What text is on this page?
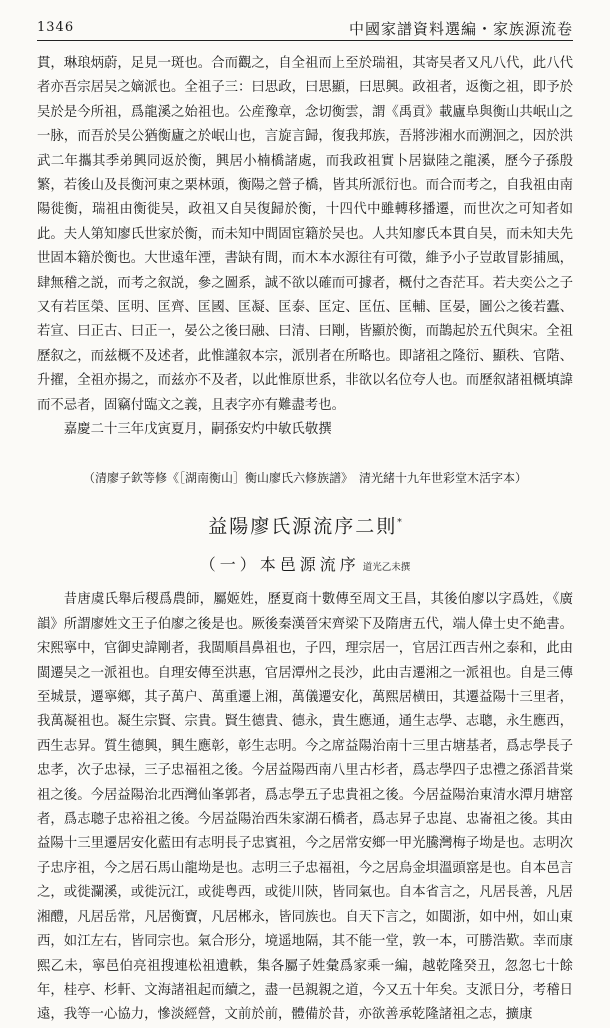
1346	中國家譜資料選編・家族源流卷

貫，琳琅炳蔚，足見一斑也。合而觀之，自全祖而上至於瑞祖，其寄吴者又凡八代，此八代者亦吾宗居吴之嫡派也。全祖子三：曰思政，曰思顯，曰思興。政祖者，返衡之祖，即予於吴於是今所祖，爲龍溪之始祖也。公産豫章，念切衡雲，謂《禹貢》載廬阜與衡山共岷山之一脉，而吾於吴公猶衡廬之於岷山也，言旋言歸，復我邦族，吾將涉湘水而溯洄之，因於洪武二年攜其季弟興同返於衡，興居小楠橋諸處，而我政祖實卜居嶽陸之龍溪，歷今子孫殷繁，若後山及長衡河東之栗林頭，衡陽之營子橋，皆其所派衍也。而合而考之，自我祖由南陽徙衡，瑞祖由衡徙吴，政祖又自吴復歸於衡，十四代中雖轉移播遷，而世次之可知者如此。夫人第知廖氏世家於衡，而未知中間固宦籍於吴也。人共知廖氏本貫自吴，而未知夫先世固本籍於衡也。大世遠年湮，書缺有間，而木本水源往有可徵，維予小子豈敢冒影捕風，肆無稽之説，而考之叙説，參之圖系，誠不欲以確而可據者，概付之杳茫耳。若夫奕公之子又有若匡榮、匡明、匡齊、匡國、匡凝、匡泰、匡定、匡伍、匡輔、匡晏，圖公之後若蠹、若宣、曰正古、曰正一，晏公之後曰融、曰清、曰剛，皆顯於衡，而鵲起於五代與宋。全祖歷叙之，而兹概不及述者，此惟謹叙本宗，派別者在所略也。即諸祖之隆衍、顯秩、官階、升擢，全祖亦揚之，而兹亦不及者，以此惟原世系，非欲以名位夸人也。而歷叙諸祖概填諱而不忌者，固竊付臨文之義，且表字亦有難盡考也。

嘉慶二十三年戊寅夏月，嗣孫安灼中敏氏敬撰

（清廖子欽等修《［湖南衡山］衡山廖氏六修族譜》　清光緒十九年世彩堂木活字本）
益陽廖氏源流序二則*
（一）本邑源流序 道光乙未撰

昔唐虞氏舉后稷爲農師，屬姬姓，歷夏商十數傳至周文王昌，其後伯廖以字爲姓，《廣韻》所謂廖姓文王子伯廖之後是也。厥後秦漢晉宋齊梁下及隋唐五代，端人偉士史不絶書。宋熙寧中，官御史諱剛者，我閩順昌鼻祖也，子四，理宗居一，官居江西吉州之泰和，此由閩遷吴之一派祖也。自理安傳至洪惠，官居潭州之長沙，此由吉遷湘之一派祖也。自是三傳至城景，遷寧鄉，其子萬户、萬重遷上湘，萬儀遷安化，萬熙居横田，其遷益陽十三里者，我萬凝祖也。凝生宗賢、宗貴。賢生德貴、德永，貴生應通，通生志學、志聰，永生應西，西生志昇。質生德興，興生應彰，彰生志明。今之席益陽治南十三里古塘基者，爲志學長子忠孝，次子忠禄，三子忠福祖之後。今居益陽西南八里古杉者，爲志學四子忠禮之孫滔昔棠祖之後。今居益陽治北西灣仙峯郭者，爲志學五子忠貴祖之後。今居益陽治東清水潭月塘窰者，爲志聰子忠裕祖之後。今居益陽治西朱家湖石橋者，爲志昇子忠崑、忠崙祖之後。其由益陽十三里遷居安化藍田有志明長子忠賓祖，今之居常安鄉一甲光騰灣梅子坳是也。志明次子忠序祖，今之居石馬山龍坳是也。志明三子忠福祖，今之居烏金垻溫頭窰是也。自本邑言之，或徙瀾溪，或徙沅江，或徙粤西，或徙川陝，皆同氣也。自本省言之，凡居長善，凡居湘醴，凡居岳常，凡居衡寶，凡居郴永，皆同族也。自天下言之，如閩浙，如中州，如山東西，如江左右，皆同宗也。氣合形分，境遥地隔，其不能一堂，敦一本，可勝浩歎。幸而康熙乙未，寧邑伯亮祖搜連松祖遺軼，集各屬子姓彙爲家乘一編，越乾隆癸丑，忽忽七十餘年，桂亭、杉軒、文海諸祖起而續之，盡一邑親親之道，今又五十年矣。支派日分，考稽日遠，我等一心協力，慘淡經營，文前於前，體備於昔，亦欲善承乾隆諸祖之志，擴康
